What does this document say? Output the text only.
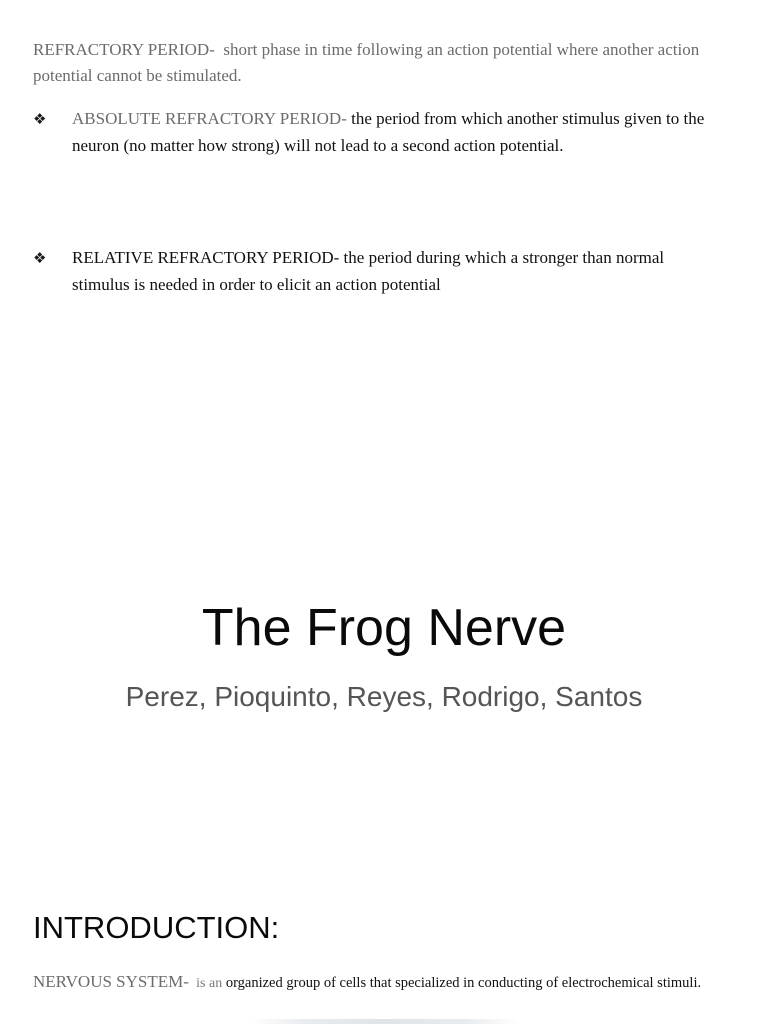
REFRACTORY PERIOD- short phase in time following an action potential where another action potential cannot be stimulated.
❖	ABSOLUTE REFRACTORY PERIOD- the period from which another stimulus given to the neuron (no matter how strong) will not lead to a second action potential.
❖	RELATIVE REFRACTORY PERIOD- the period during which a stronger than normal stimulus is needed in order to elicit an action potential
The Frog Nerve
Perez, Pioquinto, Reyes, Rodrigo, Santos
INTRODUCTION:
NERVOUS SYSTEM- is an organized group of cells that specialized in conducting of electrochemical stimuli.
